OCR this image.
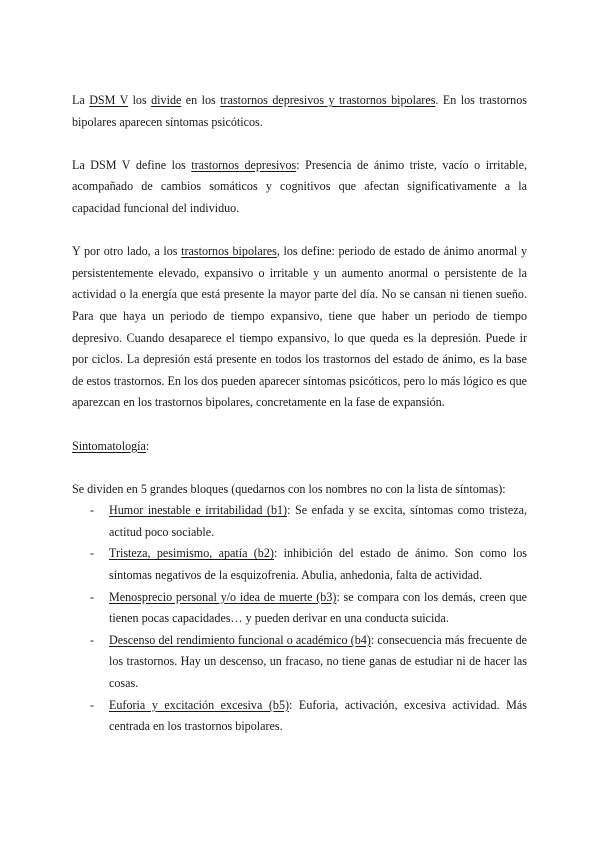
La DSM V los divide en los trastornos depresivos y trastornos bipolares. En los trastornos bipolares aparecen síntomas psicóticos.

La DSM V define los trastornos depresivos: Presencia de ánimo triste, vacío o irritable, acompañado de cambios somáticos y cognitivos que afectan significativamente a la capacidad funcional del individuo.

Y por otro lado, a los trastornos bipolares, los define: periodo de estado de ánimo anormal y persistentemente elevado, expansivo o irritable y un aumento anormal o persistente de la actividad o la energía que está presente la mayor parte del día. No se cansan ni tienen sueño. Para que haya un periodo de tiempo expansivo, tiene que haber un periodo de tiempo depresivo. Cuando desaparece el tiempo expansivo, lo que queda es la depresión. Puede ir por ciclos. La depresión está presente en todos los trastornos del estado de ánimo, es la base de estos trastornos. En los dos pueden aparecer síntomas psicóticos, pero lo más lógico es que aparezcan en los trastornos bipolares, concretamente en la fase de expansión.

Sintomatología:

Se dividen en 5 grandes bloques (quedarnos con los nombres no con la lista de síntomas):

- Humor inestable e irritabilidad (b1): Se enfada y se excita, síntomas como tristeza, actitud poco sociable.
- Tristeza, pesimismo, apatía (b2): inhibición del estado de ánimo. Son como los síntomas negativos de la esquizofrenia. Abulia, anhedonia, falta de actividad.
- Menosprecio personal y/o idea de muerte (b3): se compara con los demás, creen que tienen pocas capacidades… y pueden derivar en una conducta suicida.
- Descenso del rendimiento funcional o académico (b4): consecuencia más frecuente de los trastornos. Hay un descenso, un fracaso, no tiene ganas de estudiar ni de hacer las cosas.
- Euforia y excitación excesiva (b5): Euforia, activación, excesiva actividad. Más centrada en los trastornos bipolares.
